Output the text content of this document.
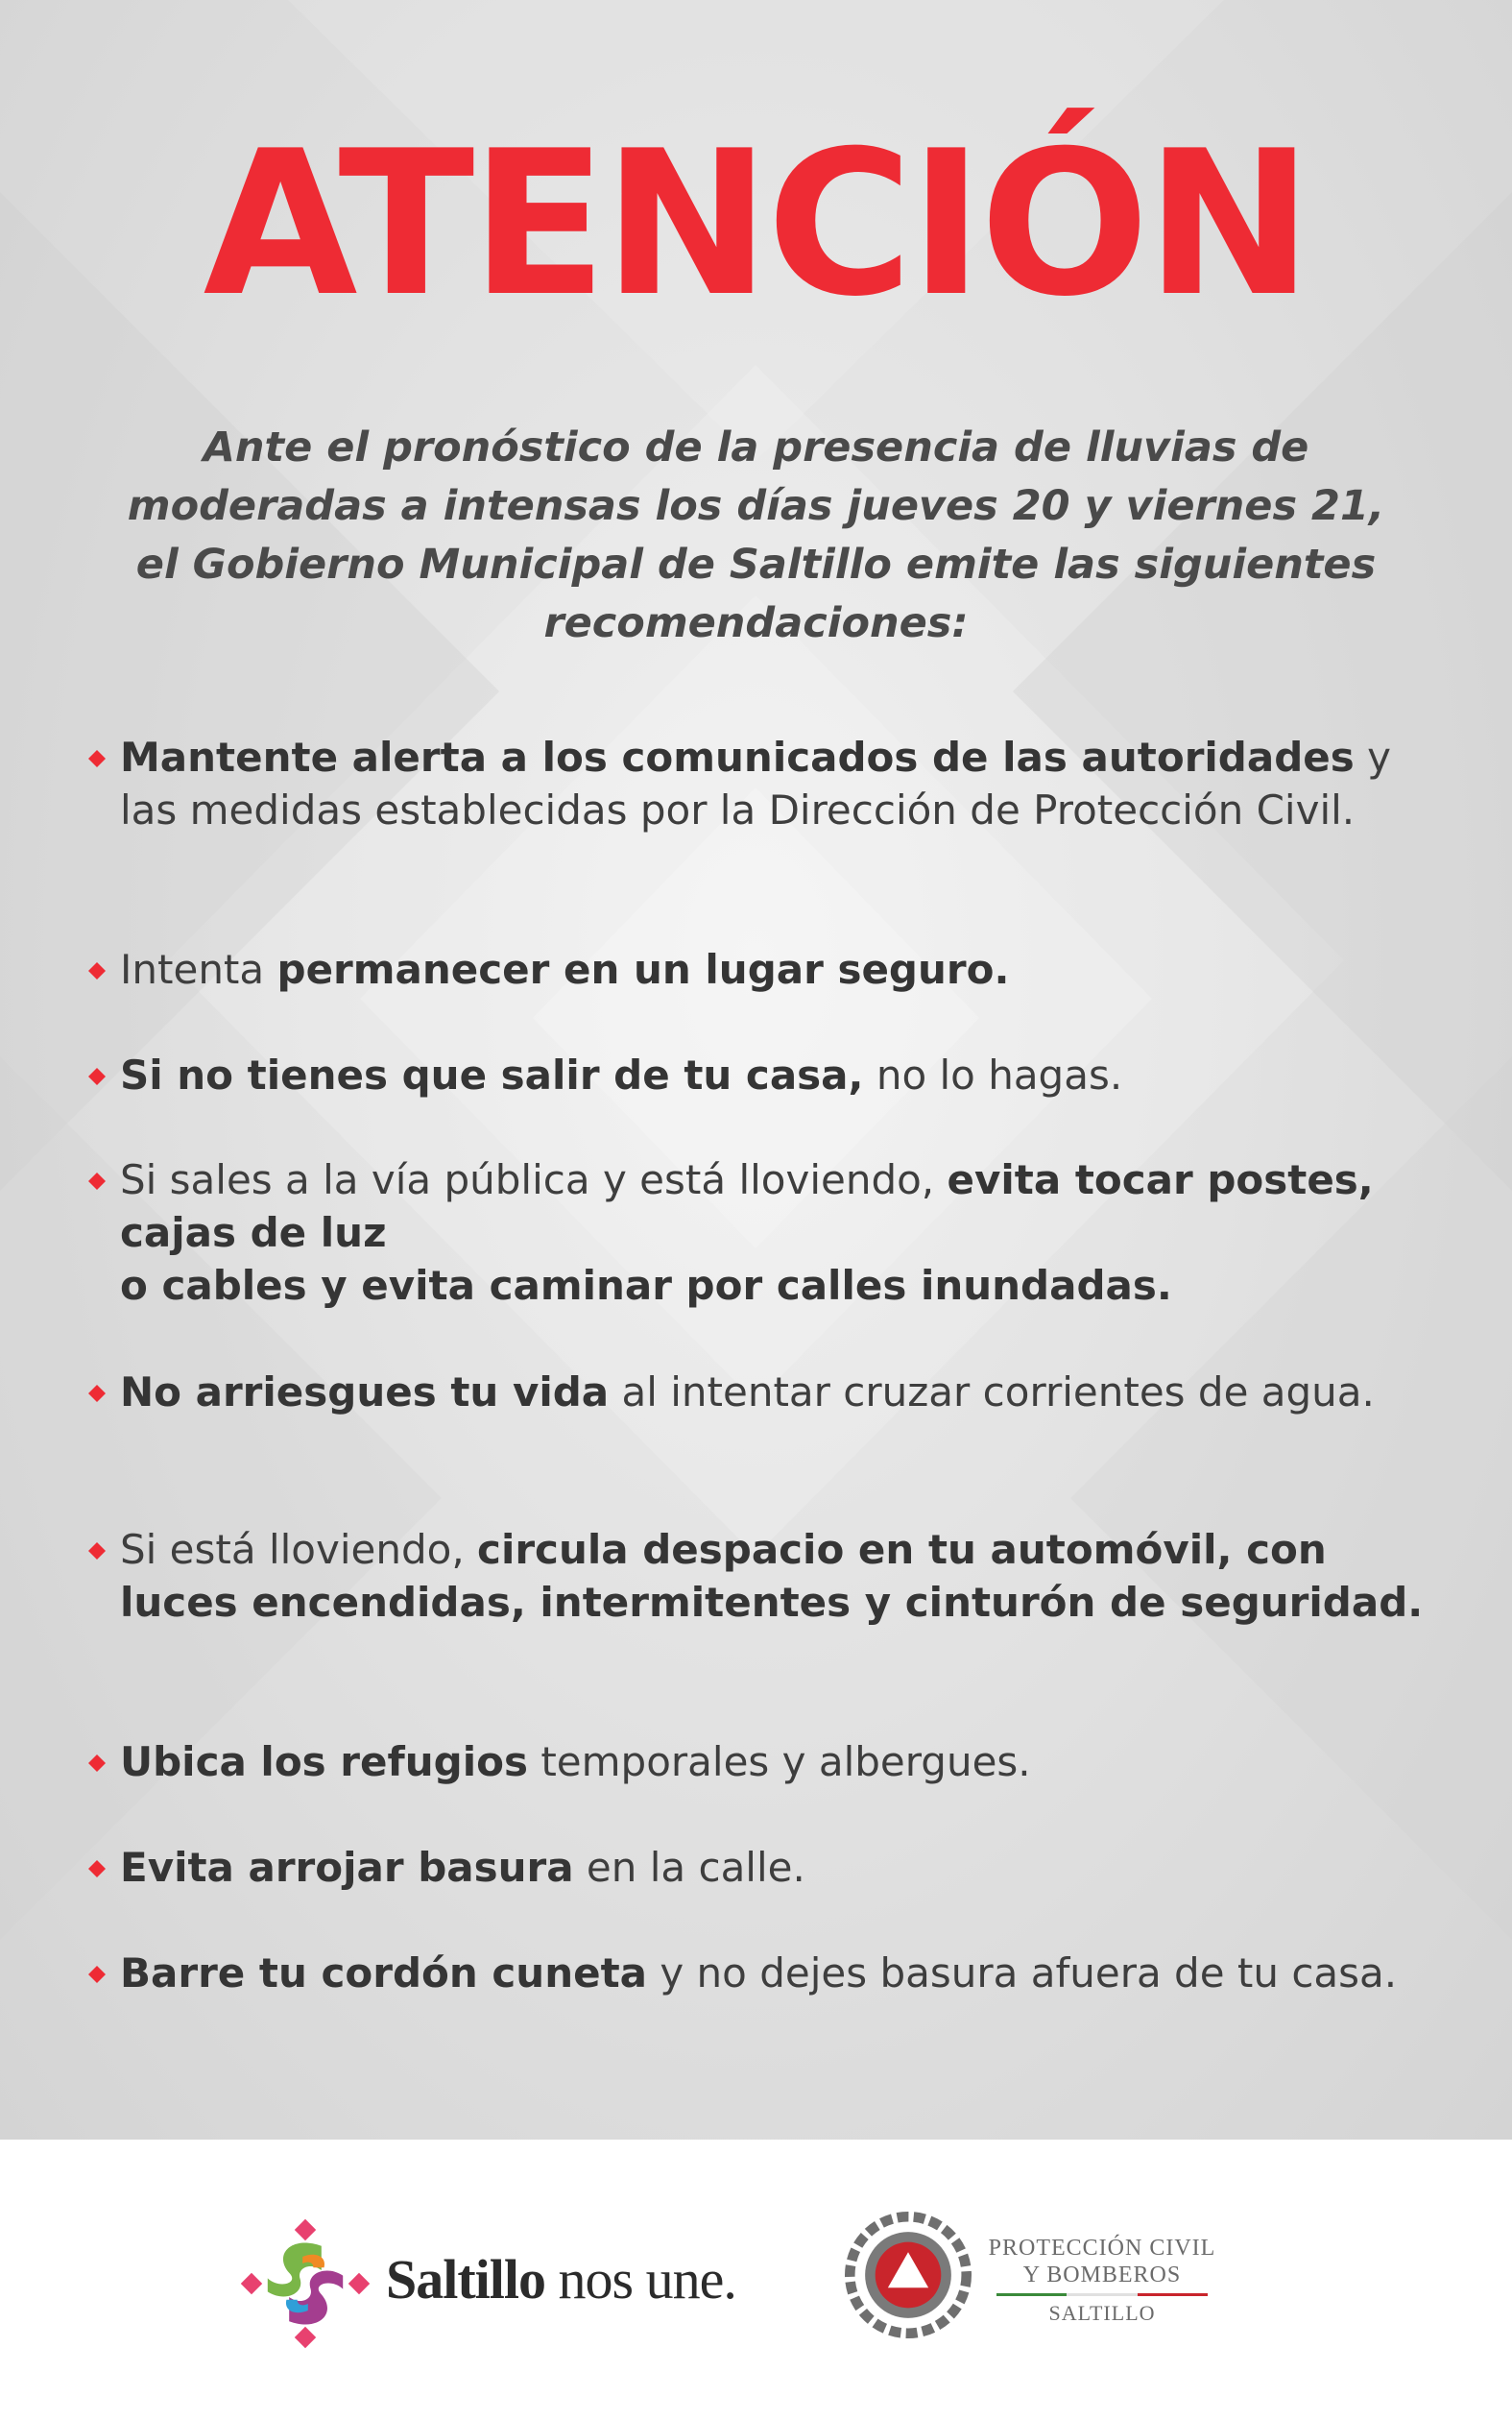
ATENCIÓN
Ante el pronóstico de la presencia de lluvias de moderadas a intensas los días jueves 20 y viernes 21, el Gobierno Municipal de Saltillo emite las siguientes recomendaciones:
Mantente alerta a los comunicados de las autoridades y las medidas establecidas por la Dirección de Protección Civil.
Intenta permanecer en un lugar seguro.
Si no tienes que salir de tu casa, no lo hagas.
Si sales a la vía pública y está lloviendo, evita tocar postes, cajas de luz
o cables y evita caminar por calles inundadas.
No arriesgues tu vida al intentar cruzar corrientes de agua.
Si está lloviendo, circula despacio en tu automóvil, con luces encendidas, intermitentes y cinturón de seguridad.
Ubica los refugios temporales y albergues.
Evita arrojar basura en la calle.
Barre tu cordón cuneta y no dejes basura afuera de tu casa.
Saltillo nos une.	PROTECCIÓN CIVIL
Y BOMBEROS
SALTILLO
